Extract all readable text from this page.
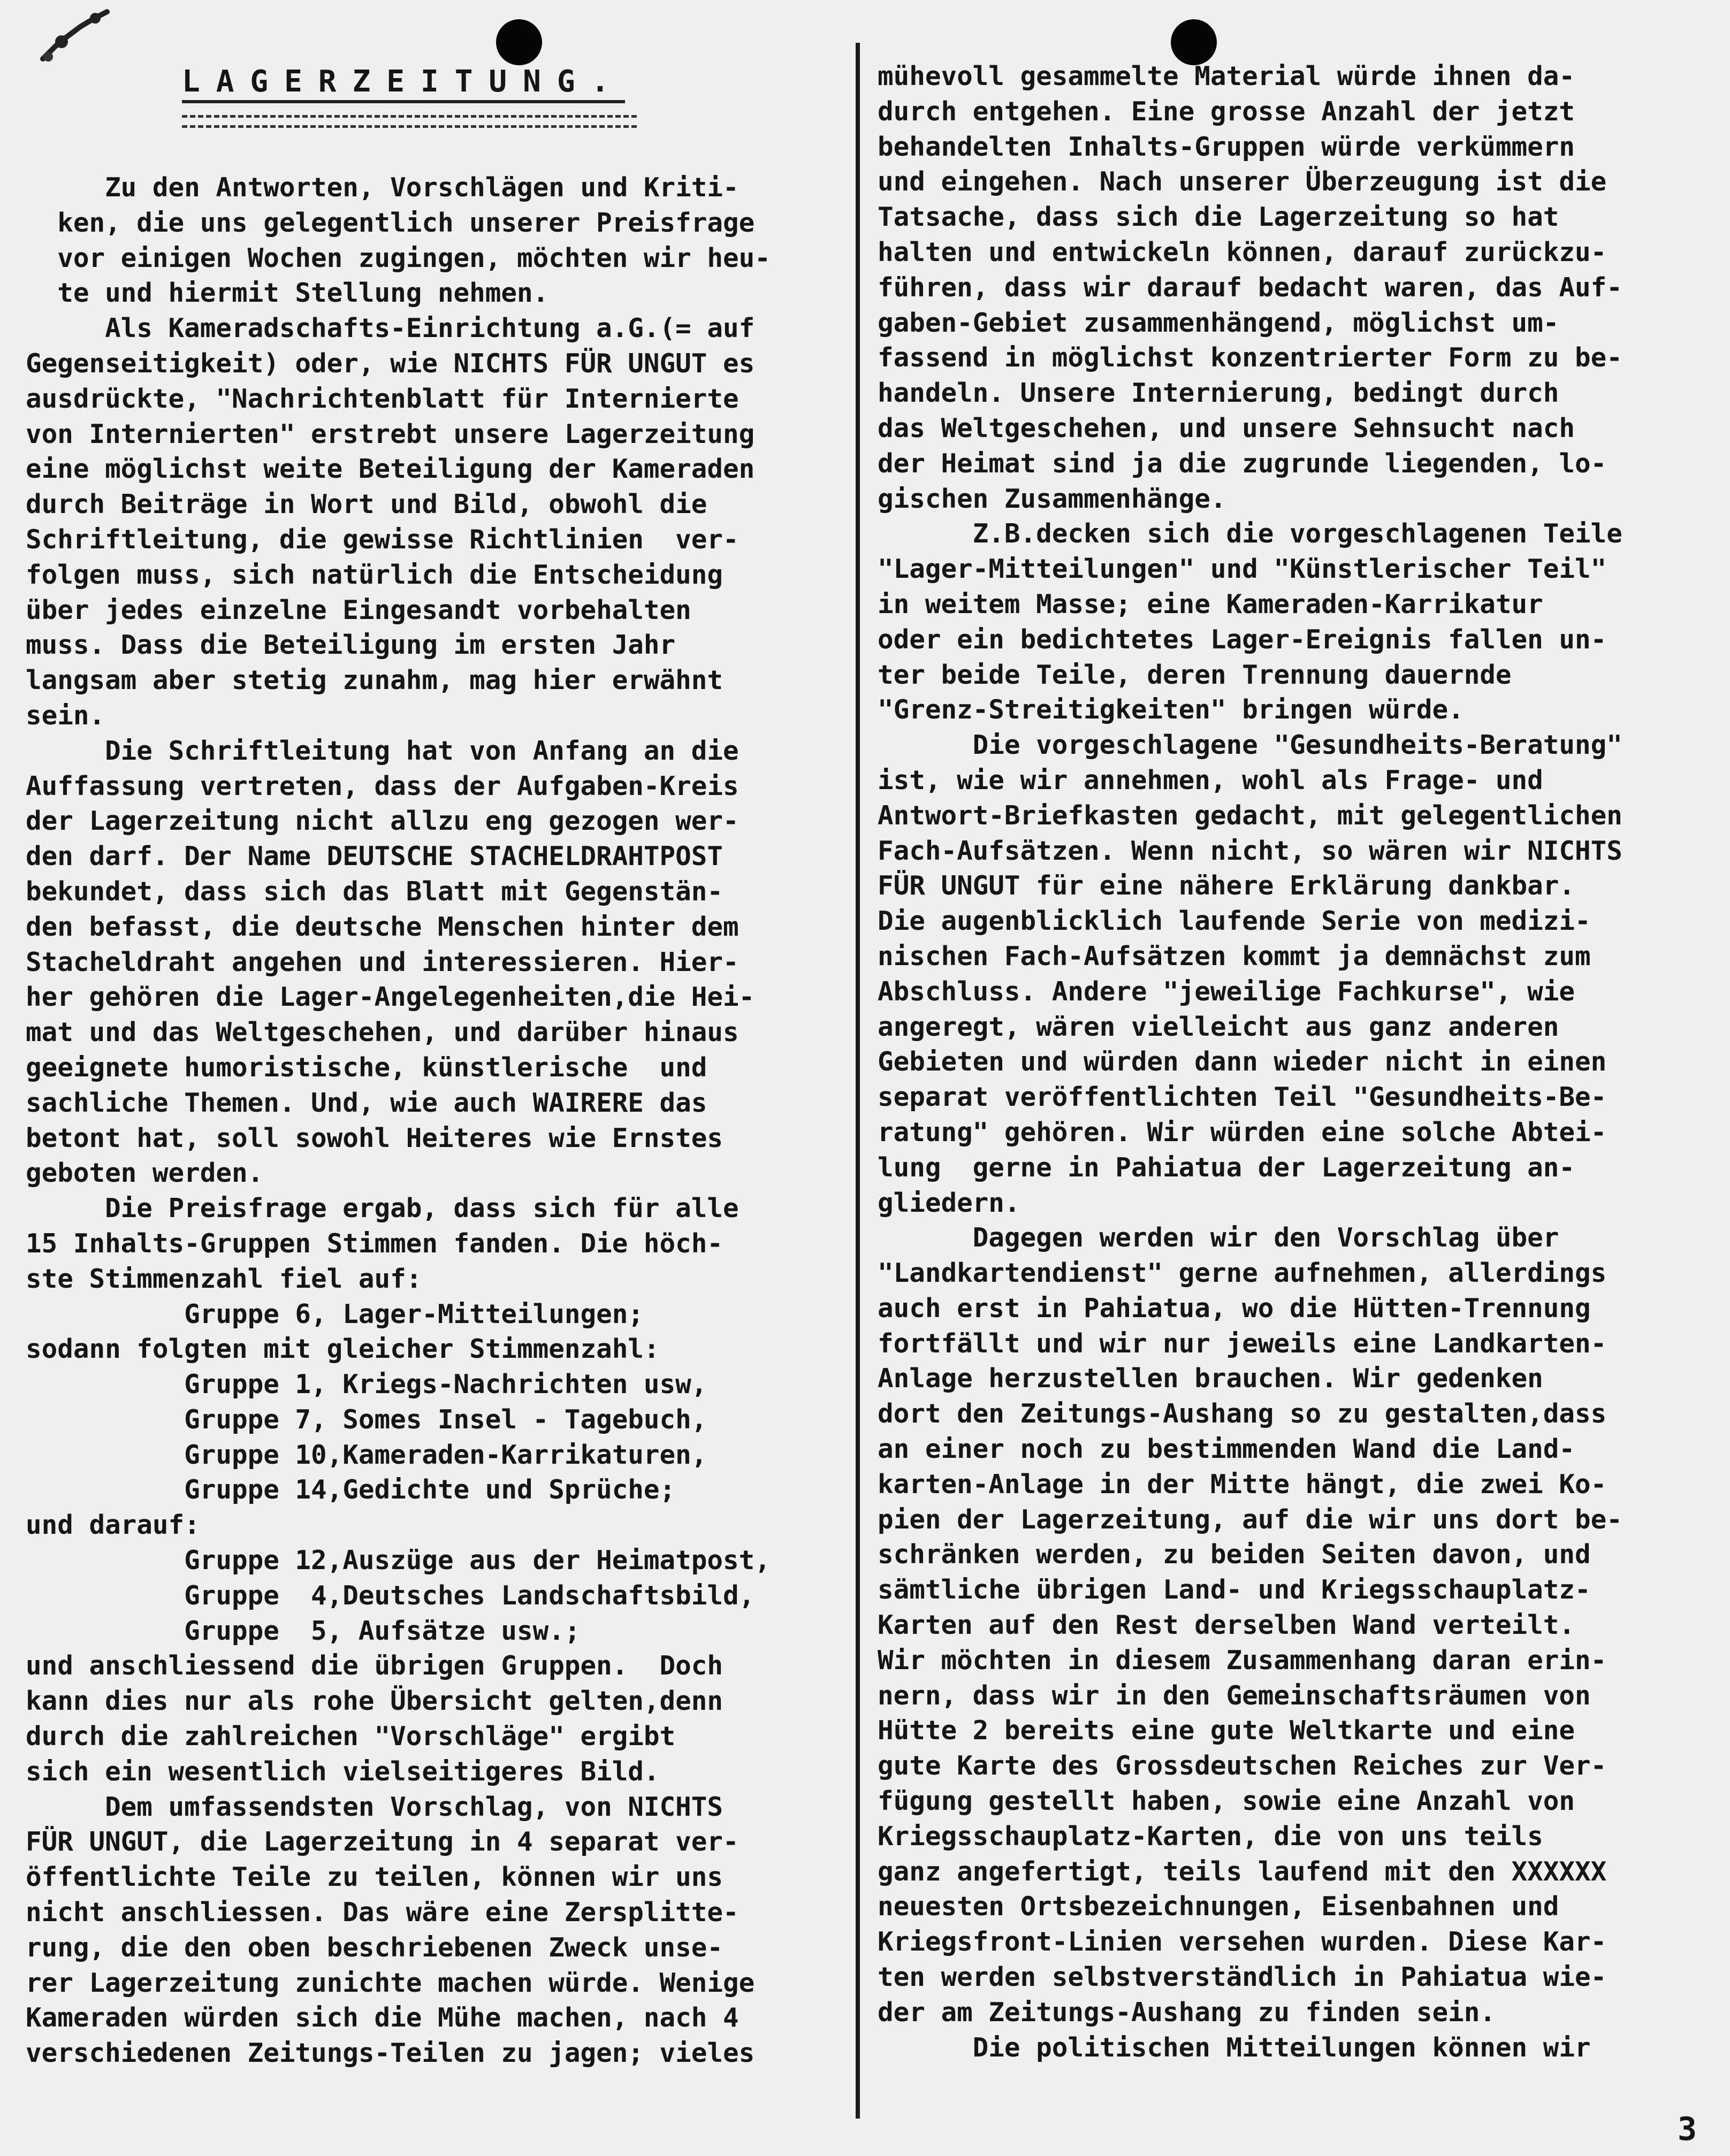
LAGERZEITUNG.
Zu den Antworten, Vorschlägen und Kriti-
ken, die uns gelegentlich unserer Preisfrage
vor einigen Wochen zugingen, möchten wir heu-
te und hiermit Stellung nehmen.
Als Kameradschafts-Einrichtung a.G.(= auf
Gegenseitigkeit) oder, wie NICHTS FÜR UNGUT es
ausdrückte, "Nachrichtenblatt für Internierte
von Internierten" erstrebt unsere Lagerzeitung
eine möglichst weite Beteiligung der Kameraden
durch Beiträge in Wort und Bild, obwohl die
Schriftleitung, die gewisse Richtlinien  ver-
folgen muss, sich natürlich die Entscheidung
über jedes einzelne Eingesandt vorbehalten
muss. Dass die Beteiligung im ersten Jahr
langsam aber stetig zunahm, mag hier erwähnt
sein.
Die Schriftleitung hat von Anfang an die
Auffassung vertreten, dass der Aufgaben-Kreis
der Lagerzeitung nicht allzu eng gezogen wer-
den darf. Der Name DEUTSCHE STACHELDRAHTPOST
bekundet, dass sich das Blatt mit Gegenstän-
den befasst, die deutsche Menschen hinter dem
Stacheldraht angehen und interessieren. Hier-
her gehören die Lager-Angelegenheiten,die Hei-
mat und das Weltgeschehen, und darüber hinaus
geeignete humoristische, künstlerische  und
sachliche Themen. Und, wie auch WAIRERE das
betont hat, soll sowohl Heiteres wie Ernstes
geboten werden.
Die Preisfrage ergab, dass sich für alle
15 Inhalts-Gruppen Stimmen fanden. Die höch-
ste Stimmenzahl fiel auf:
Gruppe 6, Lager-Mitteilungen;
sodann folgten mit gleicher Stimmenzahl:
Gruppe 1, Kriegs-Nachrichten usw,
Gruppe 7, Somes Insel - Tagebuch,
Gruppe 10,Kameraden-Karrikaturen,
Gruppe 14,Gedichte und Sprüche;
und darauf:
Gruppe 12,Auszüge aus der Heimatpost,
Gruppe  4,Deutsches Landschaftsbild,
Gruppe  5, Aufsätze usw.;
und anschliessend die übrigen Gruppen.  Doch
kann dies nur als rohe Übersicht gelten,denn
durch die zahlreichen "Vorschläge" ergibt
sich ein wesentlich vielseitigeres Bild.
Dem umfassendsten Vorschlag, von NICHTS
FÜR UNGUT, die Lagerzeitung in 4 separat ver-
öffentlichte Teile zu teilen, können wir uns
nicht anschliessen. Das wäre eine Zersplitte-
rung, die den oben beschriebenen Zweck unse-
rer Lagerzeitung zunichte machen würde. Wenige
Kameraden würden sich die Mühe machen, nach 4
verschiedenen Zeitungs-Teilen zu jagen; vieles
mühevoll gesammelte Material würde ihnen da-
durch entgehen. Eine grosse Anzahl der jetzt
behandelten Inhalts-Gruppen würde verkümmern
und eingehen. Nach unserer Überzeugung ist die
Tatsache, dass sich die Lagerzeitung so hat
halten und entwickeln können, darauf zurückzu-
führen, dass wir darauf bedacht waren, das Auf-
gaben-Gebiet zusammenhängend, möglichst um-
fassend in möglichst konzentrierter Form zu be-
handeln. Unsere Internierung, bedingt durch
das Weltgeschehen, und unsere Sehnsucht nach
der Heimat sind ja die zugrunde liegenden, lo-
gischen Zusammenhänge.
Z.B.decken sich die vorgeschlagenen Teile
"Lager-Mitteilungen" und "Künstlerischer Teil"
in weitem Masse; eine Kameraden-Karrikatur
oder ein bedichtetes Lager-Ereignis fallen un-
ter beide Teile, deren Trennung dauernde
"Grenz-Streitigkeiten" bringen würde.
Die vorgeschlagene "Gesundheits-Beratung"
ist, wie wir annehmen, wohl als Frage- und
Antwort-Briefkasten gedacht, mit gelegentlichen
Fach-Aufsätzen. Wenn nicht, so wären wir NICHTS
FÜR UNGUT für eine nähere Erklärung dankbar.
Die augenblicklich laufende Serie von medizi-
nischen Fach-Aufsätzen kommt ja demnächst zum
Abschluss. Andere "jeweilige Fachkurse", wie
angeregt, wären vielleicht aus ganz anderen
Gebieten und würden dann wieder nicht in einen
separat veröffentlichten Teil "Gesundheits-Be-
ratung" gehören. Wir würden eine solche Abtei-
lung  gerne in Pahiatua der Lagerzeitung an-
gliedern.
Dagegen werden wir den Vorschlag über
"Landkartendienst" gerne aufnehmen, allerdings
auch erst in Pahiatua, wo die Hütten-Trennung
fortfällt und wir nur jeweils eine Landkarten-
Anlage herzustellen brauchen. Wir gedenken
dort den Zeitungs-Aushang so zu gestalten,dass
an einer noch zu bestimmenden Wand die Land-
karten-Anlage in der Mitte hängt, die zwei Ko-
pien der Lagerzeitung, auf die wir uns dort be-
schränken werden, zu beiden Seiten davon, und
sämtliche übrigen Land- und Kriegsschauplatz-
Karten auf den Rest derselben Wand verteilt.
Wir möchten in diesem Zusammenhang daran erin-
nern, dass wir in den Gemeinschaftsräumen von
Hütte 2 bereits eine gute Weltkarte und eine
gute Karte des Grossdeutschen Reiches zur Ver-
fügung gestellt haben, sowie eine Anzahl von
Kriegsschauplatz-Karten, die von uns teils
ganz angefertigt, teils laufend mit den XXXXXX
neuesten Ortsbezeichnungen, Eisenbahnen und
Kriegsfront-Linien versehen wurden. Diese Kar-
ten werden selbstverständlich in Pahiatua wie-
der am Zeitungs-Aushang zu finden sein.
Die politischen Mitteilungen können wir
3
